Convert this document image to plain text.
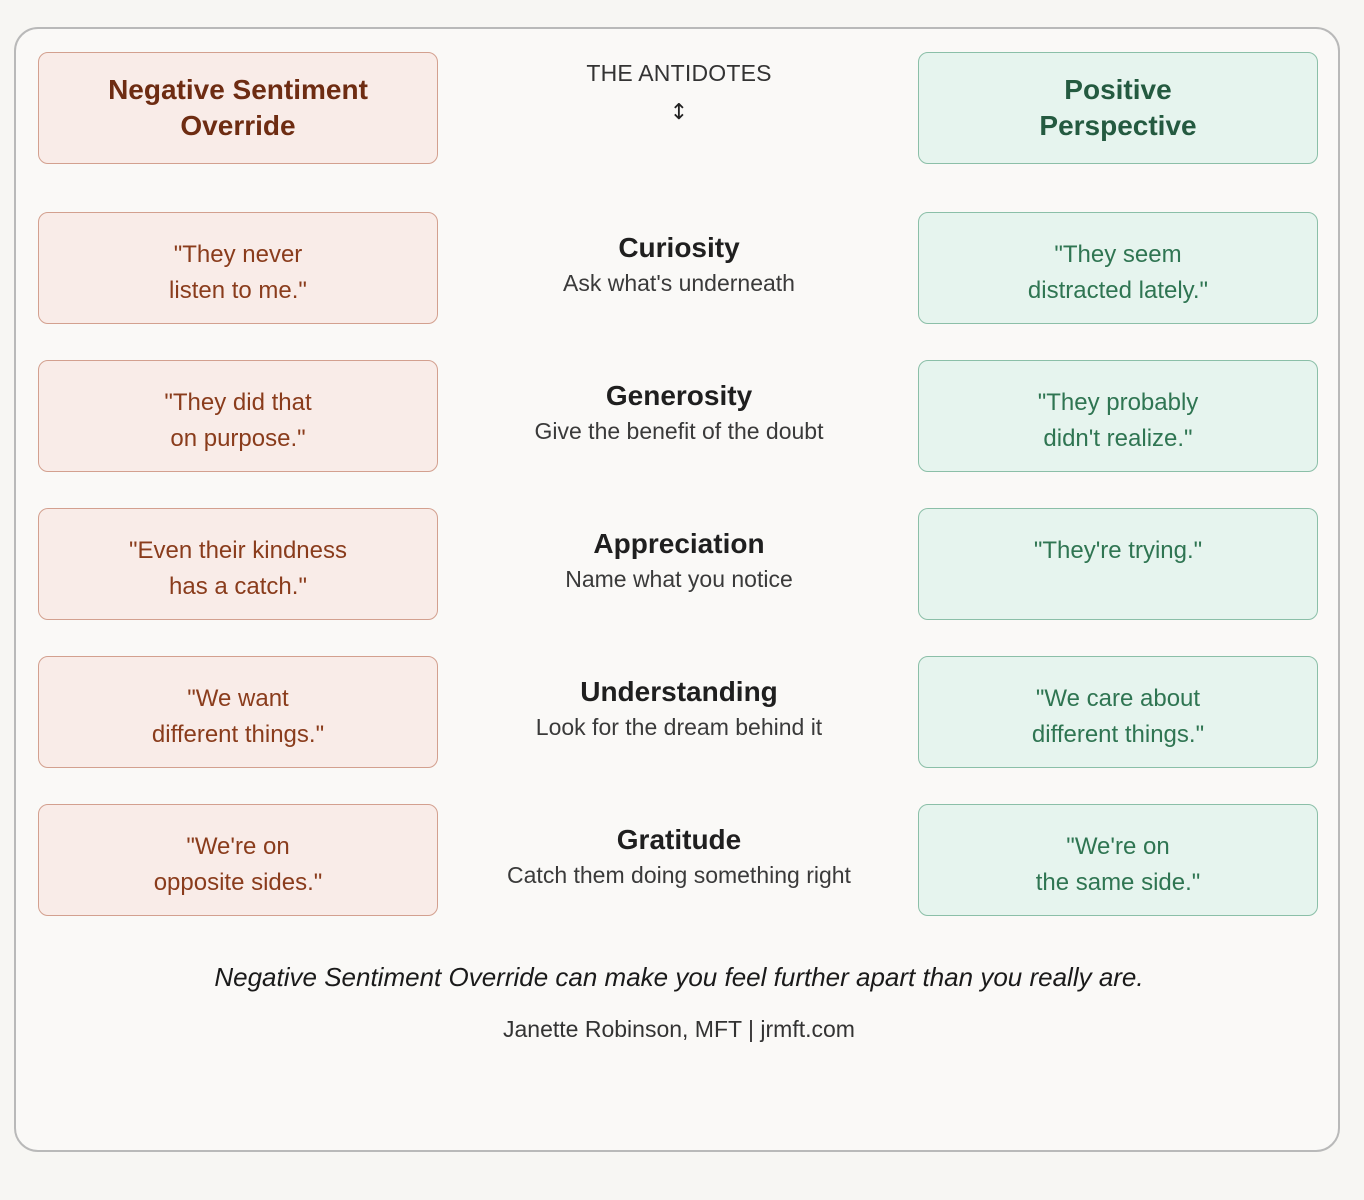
Negative Sentiment
Override
THE ANTIDOTES
↕
Positive
Perspective
"They never
listen to me."
Curiosity
Ask what's underneath
"They seem
distracted lately."
"They did that
on purpose."
Generosity
Give the benefit of the doubt
"They probably
didn't realize."
"Even their kindness
has a catch."
Appreciation
Name what you notice
"They're trying."
"We want
different things."
Understanding
Look for the dream behind it
"We care about
different things."
"We're on
opposite sides."
Gratitude
Catch them doing something right
"We're on
the same side."
Negative Sentiment Override can make you feel further apart than you really are.
Janette Robinson, MFT | jrmft.com
